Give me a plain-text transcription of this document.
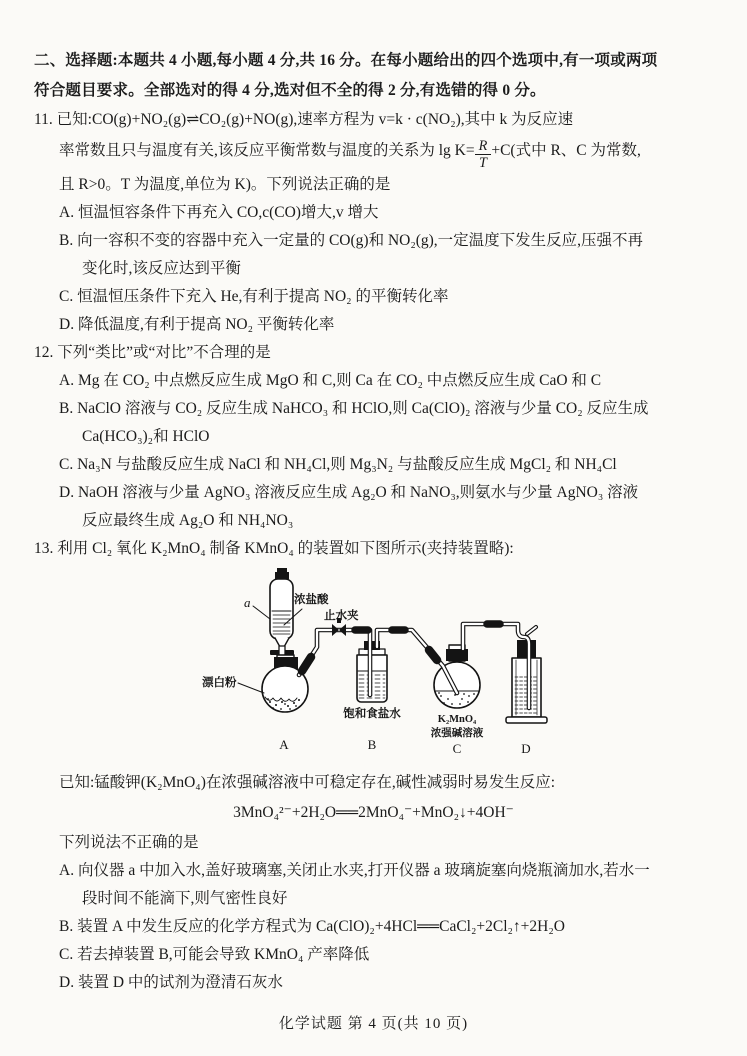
二、选择题:本题共 4 小题,每小题 4 分,共 16 分。在每小题给出的四个选项中,有一项或两项
符合题目要求。全部选对的得 4 分,选对但不全的得 2 分,有选错的得 0 分。
11. 已知:CO(g)+NO₂(g)⇌CO₂(g)+NO(g),速率方程为 v=k · c(NO₂),其中 k 为反应速
率常数且只与温度有关,该反应平衡常数与温度的关系为 $\lg K= \frac{R}{T} +C$(式中 R、C 为常数,
且 R>0。T 为温度,单位为 K)。下列说法正确的是
A. 恒温恒容条件下再充入 CO,c(CO)增大,v 增大
B. 向一容积不变的容器中充入一定量的 CO(g)和 NO₂(g),一定温度下发生反应,压强不再
变化时,该反应达到平衡
C. 恒温恒压条件下充入 He,有利于提高 NO₂ 的平衡转化率
D. 降低温度,有利于提高 NO₂ 平衡转化率
12. 下列“类比”或“对比”不合理的是
A. Mg 在 CO₂ 中点燃反应生成 MgO 和 C,则 Ca 在 CO₂ 中点燃反应生成 CaO 和 C
B. NaClO 溶液与 CO₂ 反应生成 NaHCO₃ 和 HClO,则 Ca(ClO)₂ 溶液与少量 CO₂ 反应生成
Ca(HCO₃)₂和 HClO
C. Na₃N 与盐酸反应生成 NaCl 和 NH₄Cl,则 Mg₃N₂ 与盐酸反应生成 MgCl₂ 和 NH₄Cl
D. NaOH 溶液与少量 AgNO₃ 溶液反应生成 Ag₂O 和 NaNO₃,则氨水与少量 AgNO₃ 溶液
反应最终生成 Ag₂O 和 NH₄NO₃
13. 利用 Cl₂ 氧化 K₂MnO₄ 制备 KMnO₄ 的装置如下图所示(夹持装置略):
a	浓盐酸
止水夹
漂白粉
饱和食盐水	K₂MnO₄
浓强碱溶液
A	B	C	D
已知:锰酸钾(K₂MnO₄)在浓强碱溶液中可稳定存在,碱性减弱时易发生反应:
3MnO₄²⁻+2H₂O══2MnO₄⁻+MnO₂↓+4OH⁻
下列说法不正确的是
A. 向仪器 a 中加入水,盖好玻璃塞,关闭止水夹,打开仪器 a 玻璃旋塞向烧瓶滴加水,若水一
段时间不能滴下,则气密性良好
B. 装置 A 中发生反应的化学方程式为 Ca(ClO)₂+4HCl══CaCl₂+2Cl₂↑+2H₂O
C. 若去掉装置 B,可能会导致 KMnO₄ 产率降低
D. 装置 D 中的试剂为澄清石灰水
化学试题 第 4 页(共 10 页)
